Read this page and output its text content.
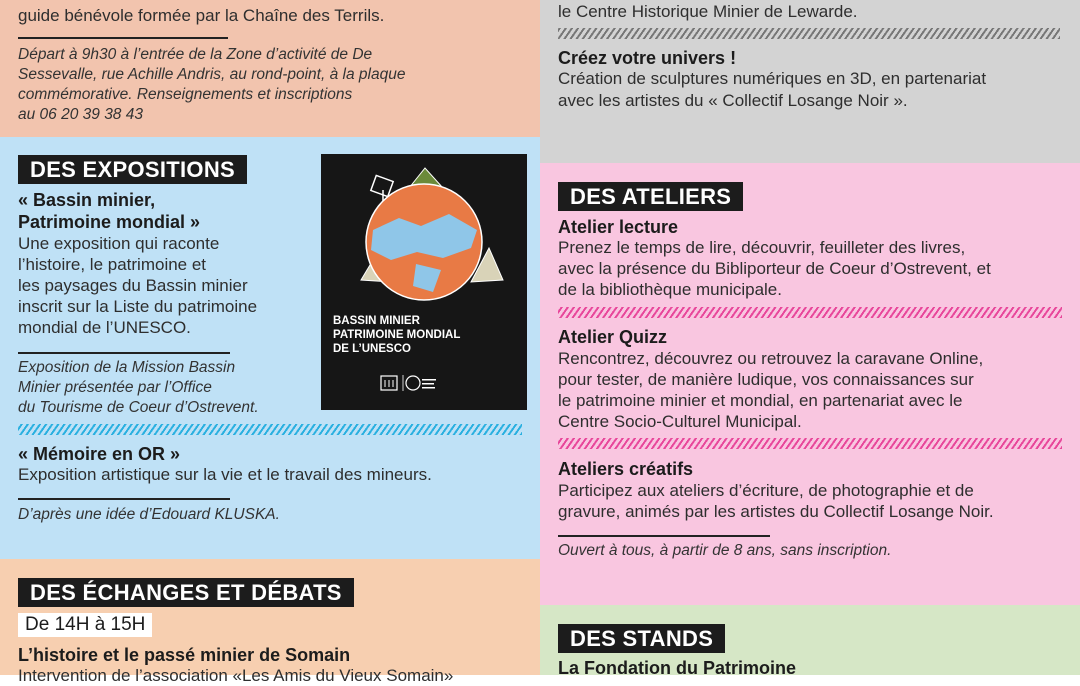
guide bénévole formée par la Chaîne des Terrils.

Départ à 9h30 à l’entrée de la Zone d’activité de De

Sessevalle, rue Achille Andris, au rond-point, à la plaque

commémorative. Renseignements et inscriptions

au 06 20 39 38 43

le Centre Historique Minier de Lewarde.

Créez votre univers !

Création de sculptures numériques en 3D, en partenariat

avec les artistes du « Collectif Losange Noir ».

DES EXPOSITIONS

« Bassin minier,

Patrimoine mondial »

Une exposition qui raconte

l’histoire, le patrimoine et

les paysages du Bassin minier

inscrit sur la Liste du patrimoine

mondial de l’UNESCO.

Exposition de la Mission Bassin

Minier présentée par l’Office

du Tourisme de Coeur d’Ostrevent.

« Mémoire en OR »

Exposition artistique sur la vie et le travail des mineurs.

D’après une idée d’Edouard KLUSKA.

BASSIN MINIER

PATRIMOINE MONDIAL

DE L’UNESCO

DES ATELIERS

Atelier lecture

Prenez le temps de lire, découvrir, feuilleter des livres,

avec la présence du Bibliporteur de Coeur d’Ostrevent, et

de la bibliothèque municipale.

Atelier Quizz

Rencontrez, découvrez ou retrouvez la caravane Online,

pour tester, de manière ludique, vos connaissances sur

le patrimoine minier et mondial, en partenariat avec le

Centre Socio-Culturel Municipal.

Ateliers créatifs

Participez aux ateliers d’écriture, de photographie et de

gravure, animés par les artistes du Collectif Losange Noir.

Ouvert à tous, à partir de 8 ans, sans inscription.

DES ÉCHANGES ET DÉBATS
De 14H à 15H

L’histoire et le passé minier de Somain

Intervention de l’association «Les Amis du Vieux Somain»

DES STANDS

La Fondation du Patrimoine
